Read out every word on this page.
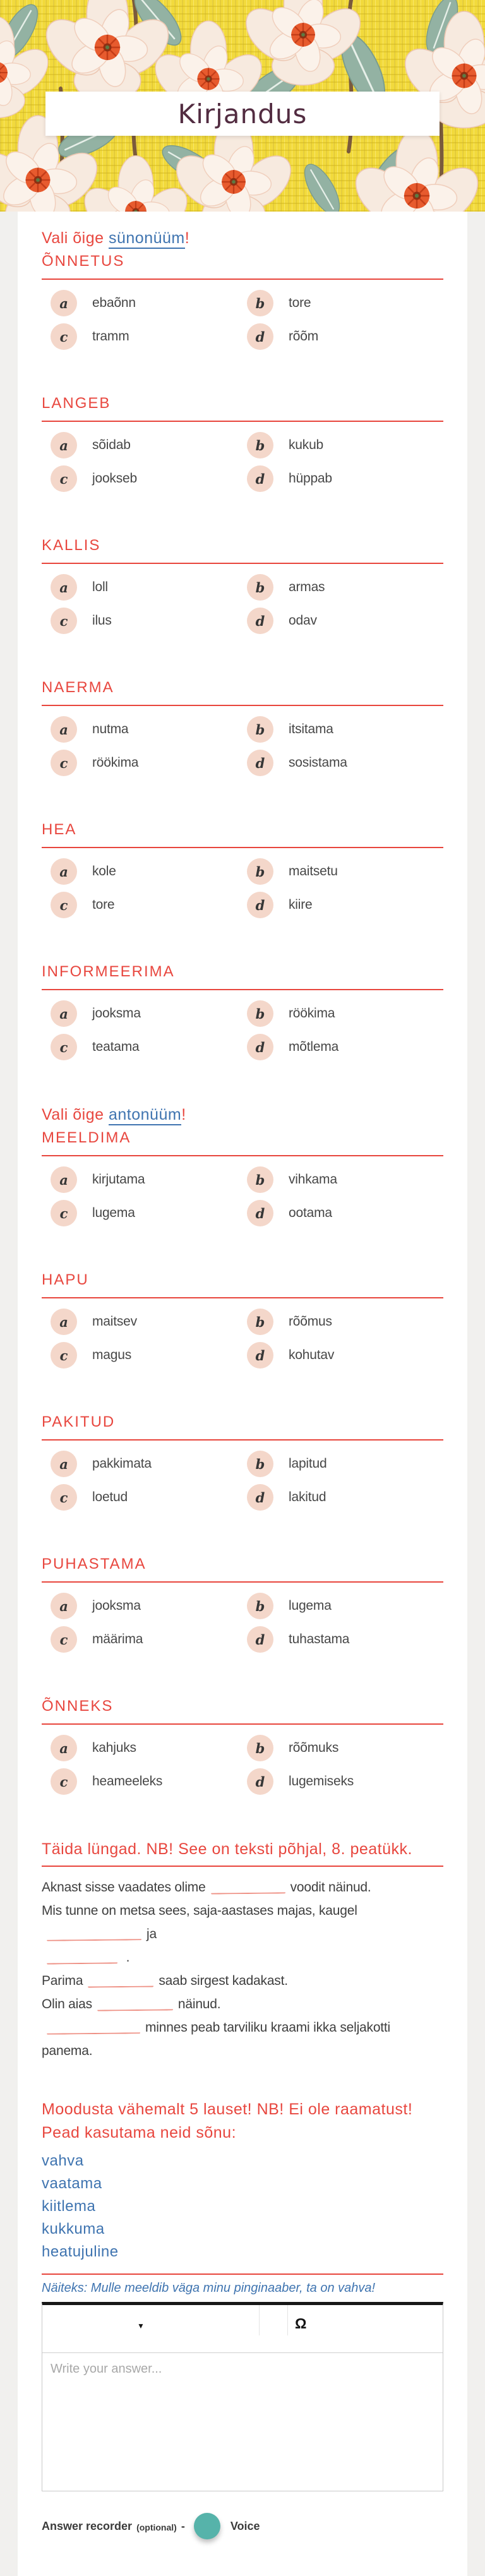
Kirjandus
Vali õige sünonüüm!
ÕNNETUS
a ebaõnn	b tore
c tramm	d rõõm
LANGEB
a sõidab	b kukub
c jookseb	d hüppab
KALLIS
a loll	b armas
c ilus	d odav
NAERMA
a nutma	b itsitama
c röökima	d sosistama
HEA
a kole	b maitsetu
c tore	d kiire
INFORMEERIMA
a jooksma	b röökima
c teatama	d mõtlema
Vali õige antonüüm!
MEELDIMA
a kirjutama	b vihkama
c lugema	d ootama
HAPU
a maitsev	b rõõmus
c magus	d kohutav
PAKITUD
a pakkimata	b lapitud
c loetud	d lakitud
PUHASTAMA
a jooksma	b lugema
c määrima	d tuhastama
ÕNNEKS
a kahjuks	b rõõmuks
c heameeleks	d lugemiseks
Täida lüngad. NB! See on teksti põhjal, 8. peatükk.
Aknast sisse vaadates olime	voodit näinud.
Mis tunne on metsa sees, saja-aastases majas, kaugelja
.
Parima	saab sirgest kadakast.
Olin aias	näinud.
minnes peab tarviliku kraami ikka seljakotti panema.
Moodusta vähemalt 5 lauset! NB! Ei ole raamatust!
Pead kasutama neid sõnu:
vahva
vaatama
kiitlema
kukkuma
heatujuline
Näiteks: Mulle meeldib väga minu pinginaaber, ta on vahva!
▼	Ω
Write your answer...
Answer recorder (optional) -	Voice
